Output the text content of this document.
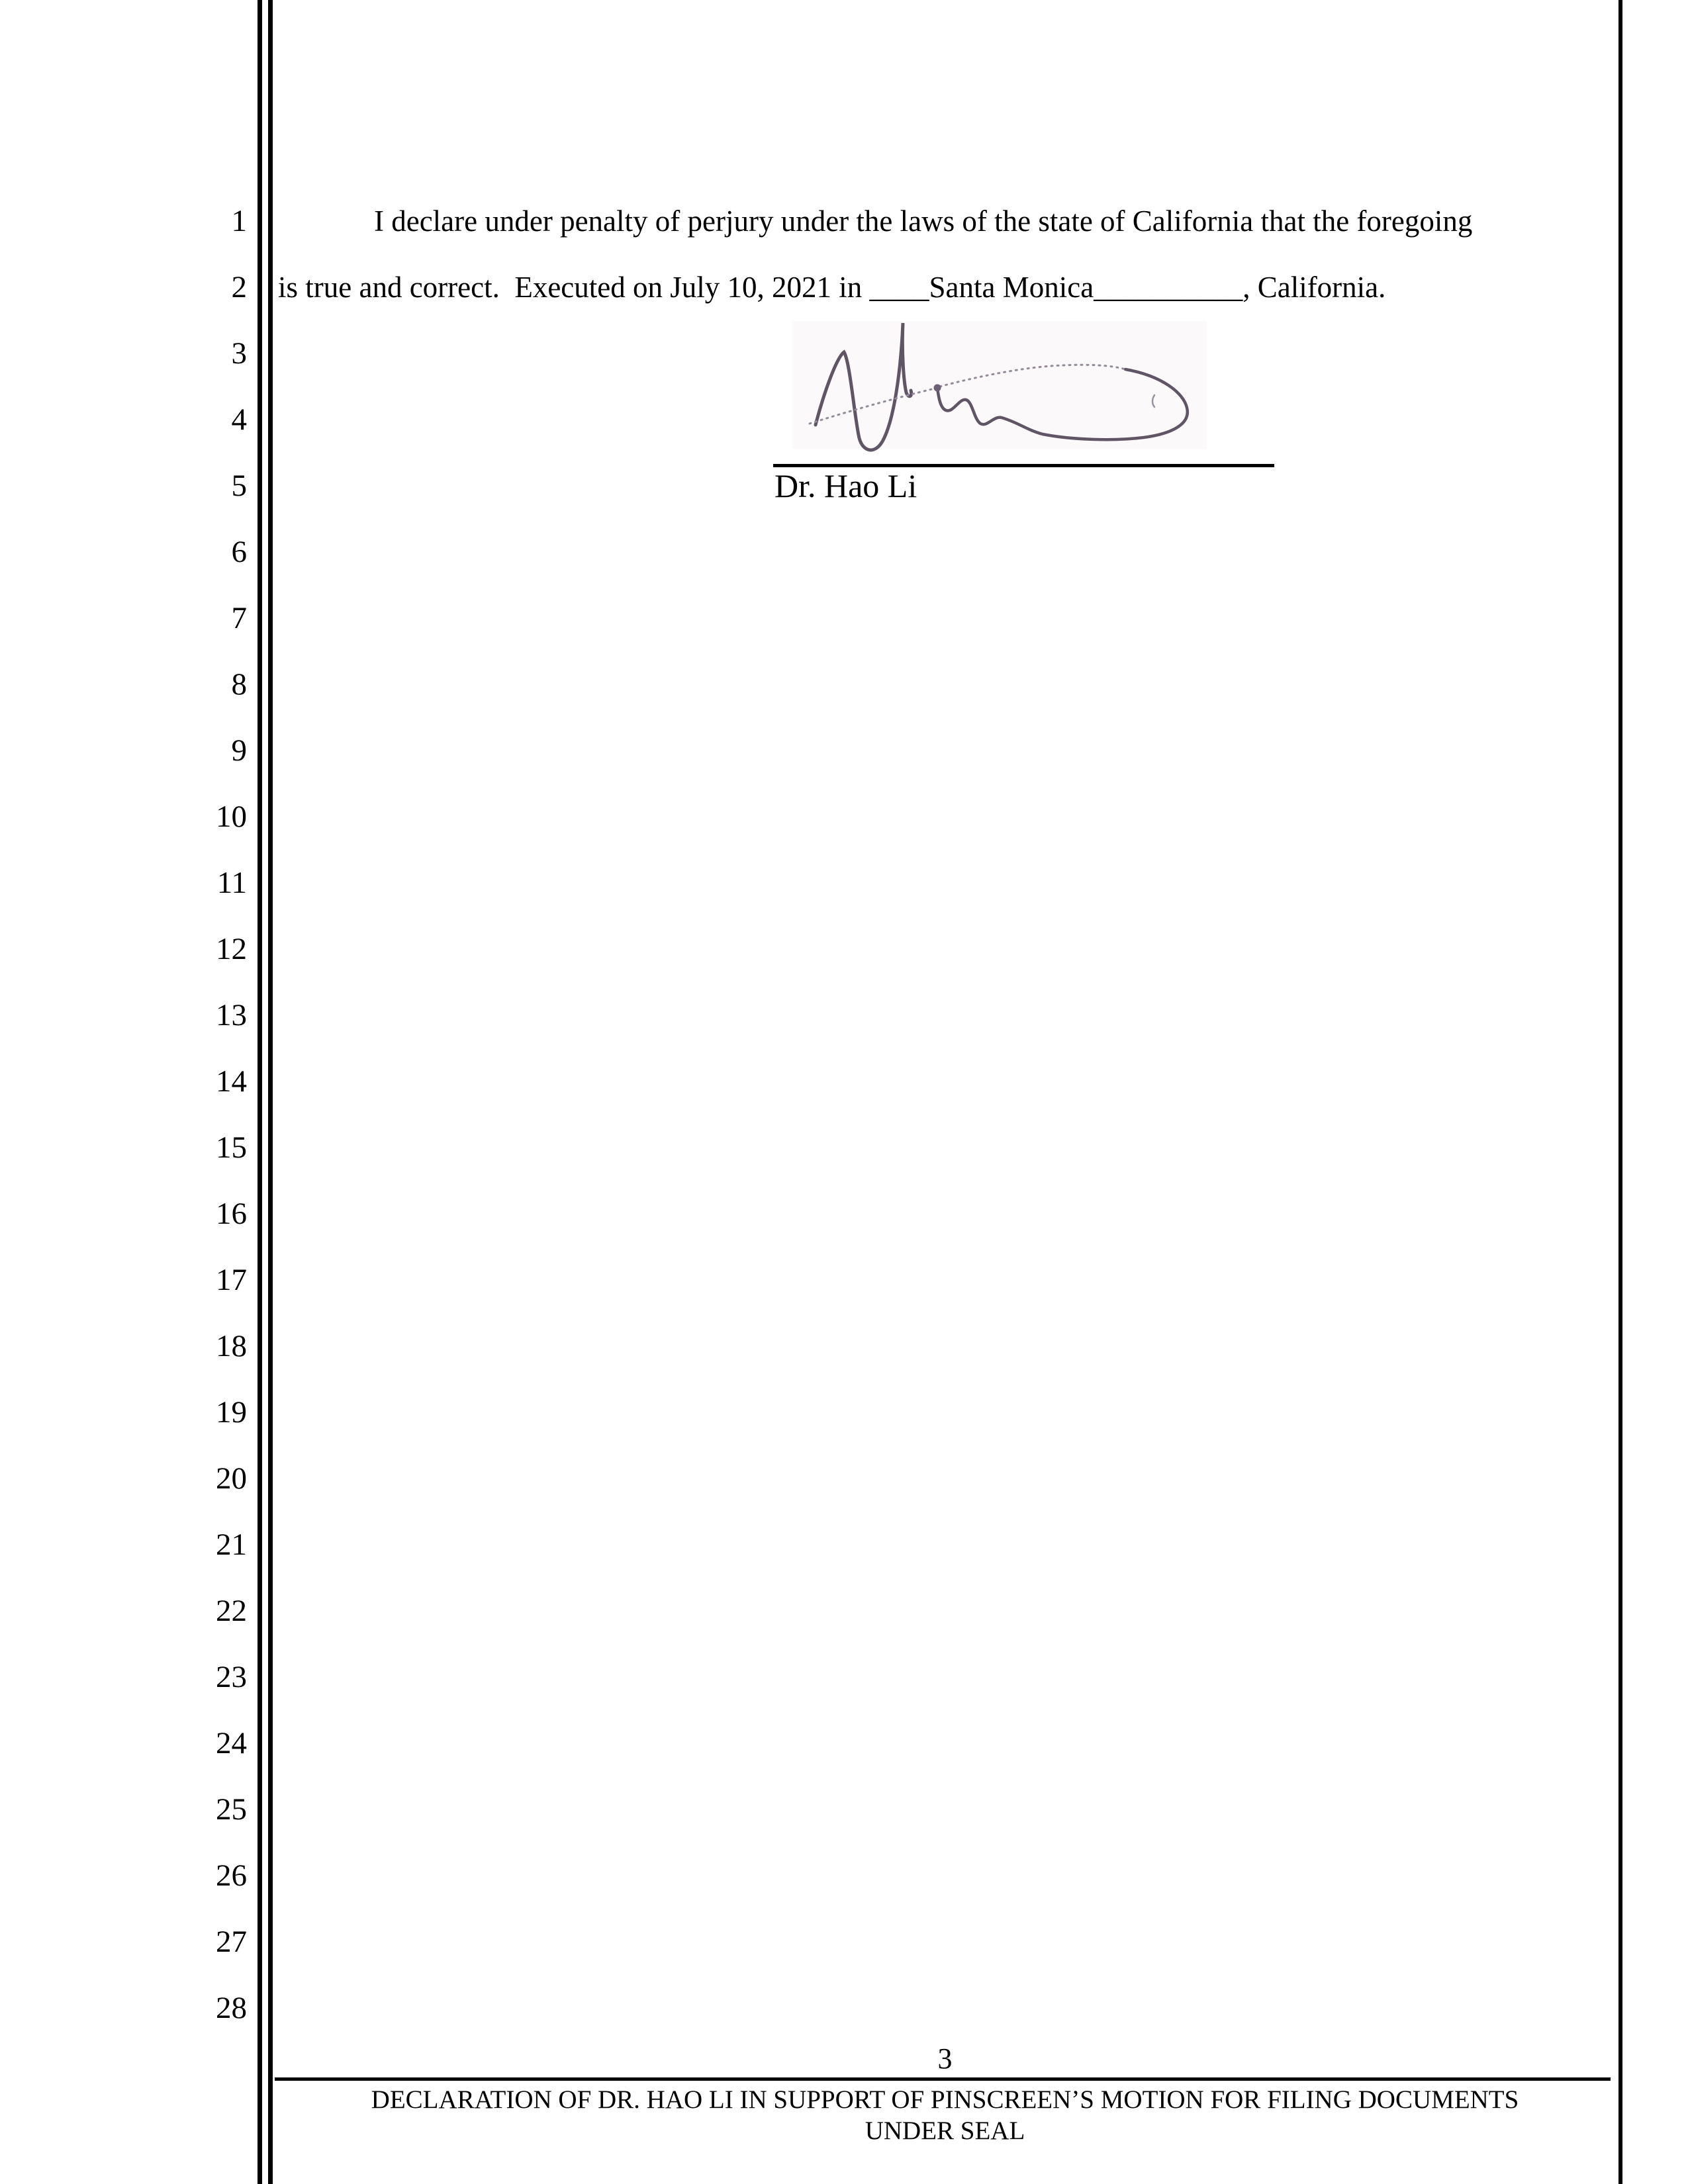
1
2
3
4
5
6
7
8
9
10
11
12
13
14
15
16
17
18
19
20
21
22
23
24
25
26
27
28
I declare under penalty of perjury under the laws of the state of California that the foregoing
is true and correct.  Executed on July 10, 2021 in ____Santa Monica__________, California.
Dr. Hao Li
3
DECLARATION OF DR. HAO LI IN SUPPORT OF PINSCREEN’S MOTION FOR FILING DOCUMENTS
UNDER SEAL
